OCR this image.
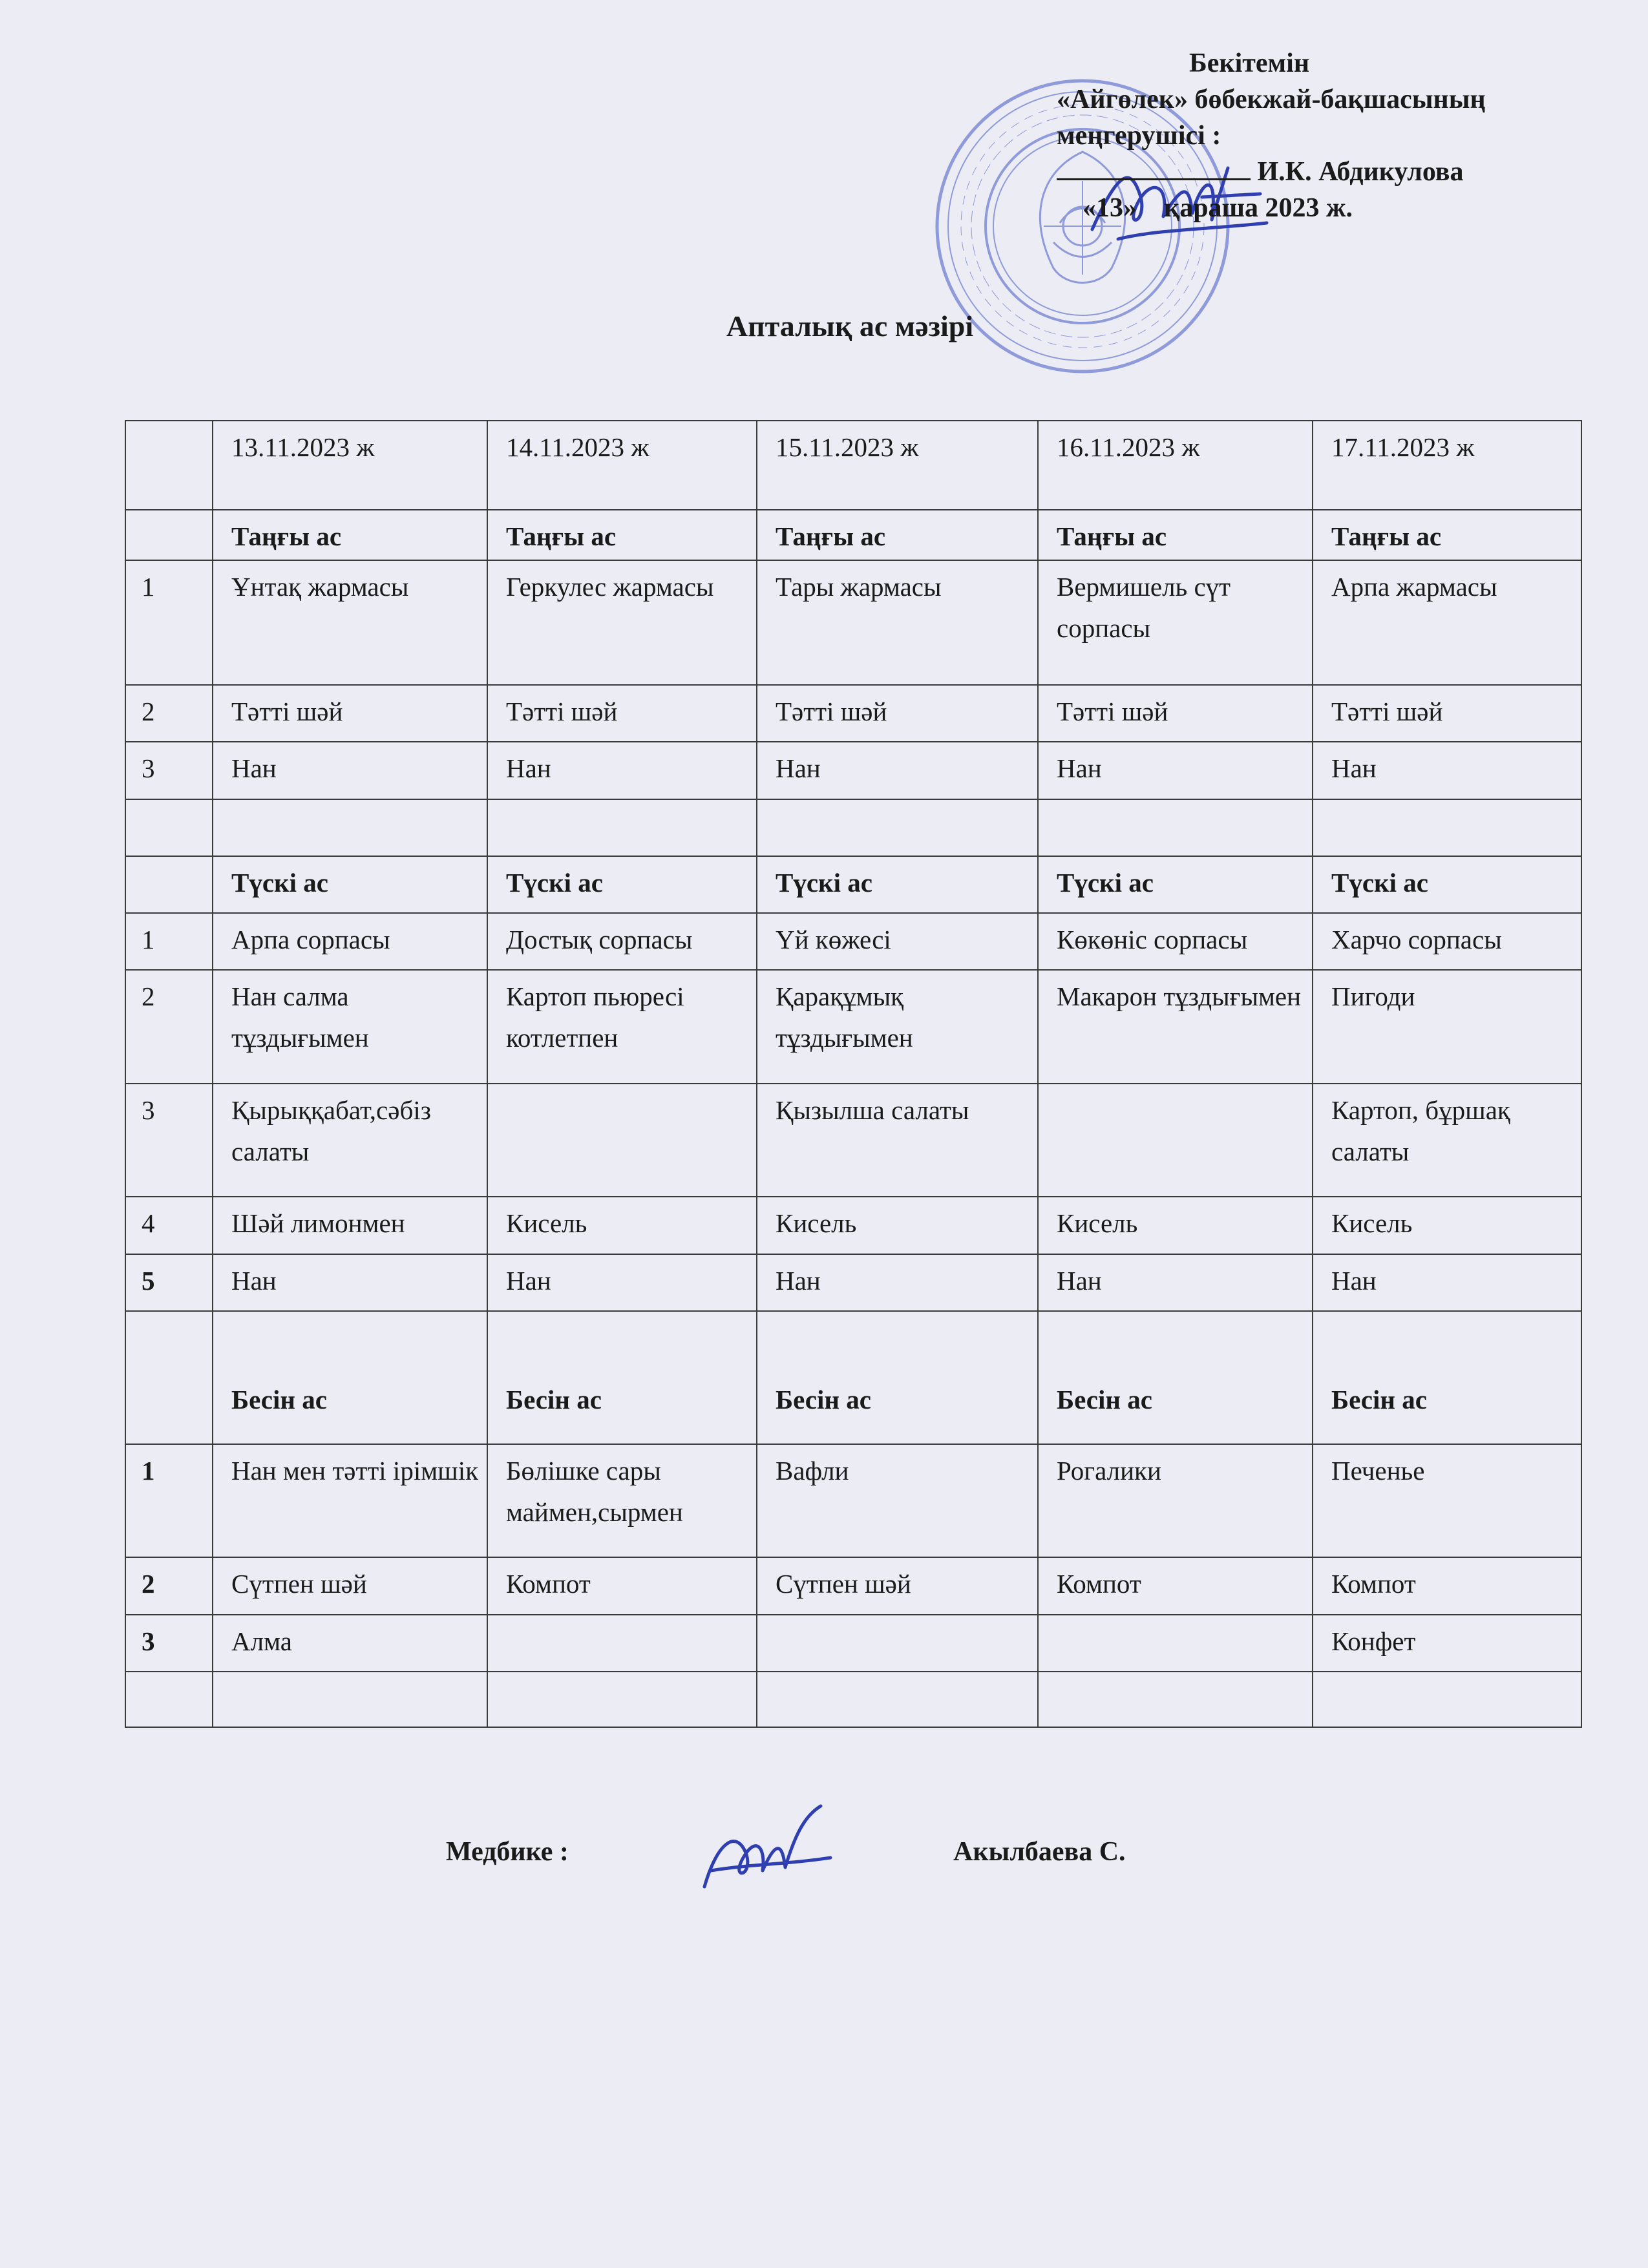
Бекітемін
«Айгөлек» бөбекжай-бақшасының
меңгерушісі :
И.К. Абдикулова
«13» қараша 2023 ж.
Апталық ас мәзірі
	13.11.2023 ж	14.11.2023 ж	15.11.2023 ж	16.11.2023 ж	17.11.2023 ж
	Таңғы ас	Таңғы ас	Таңғы ас	Таңғы ас	Таңғы ас
1	Ұнтақ жармасы	Геркулес жармасы	Тары жармасы	Вермишель сүт сорпасы	Арпа жармасы
2	Тәтті шәй	Тәтті шәй	Тәтті шәй	Тәтті шәй	Тәтті шәй
3	Нан	Нан	Нан	Нан	Нан

	Түскі ас	Түскі ас	Түскі ас	Түскі ас	Түскі ас
1	Арпа сорпасы	Достық сорпасы	Үй көжесі	Көкөніс сорпасы	Харчо сорпасы
2	Нан салма тұздығымен	Картоп пьюресі котлетпен	Қарақұмық тұздығымен	Макарон тұздығымен	Пигоди
3	Қырыққабат,сәбіз салаты		Қызылша салаты		Картоп, бұршақ салаты
4	Шәй лимонмен	Кисель	Кисель	Кисель	Кисель
5	Нан	Нан	Нан	Нан	Нан
	Бесін ас	Бесін ас	Бесін ас	Бесін ас	Бесін ас
1	Нан мен тәтті ірімшік	Бөлішке сары маймен,сырмен	Вафли	Рогалики	Печенье
2	Сүтпен шәй	Компот	Сүтпен шәй	Компот	Компот
3	Алма				Конфет

Медбике :	Акылбаева С.
